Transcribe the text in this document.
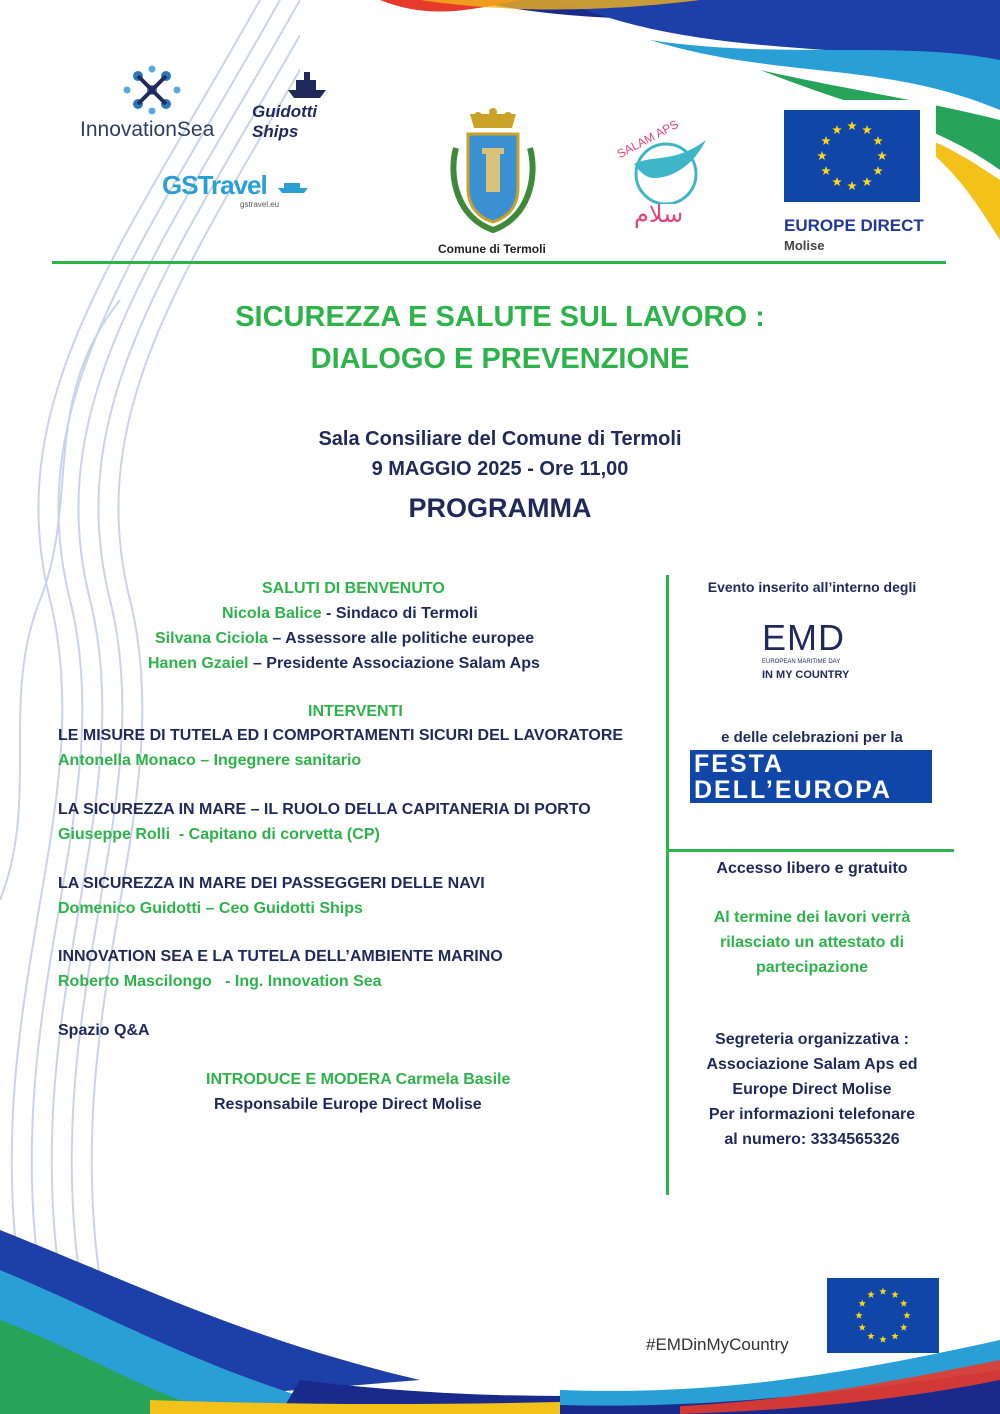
InnovationSea
Guidotti Ships
GSTravel
gstravel.eu
Comune di Termoli
SALAM APS
سلام	EUROPE DIRECT
Molise
SICUREZZA E SALUTE SUL LAVORO :
DIALOGO E PREVENZIONE
Sala Consiliare del Comune di Termoli
9 MAGGIO 2025 - Ore 11,00
PROGRAMMA
SALUTI DI BENVENUTO
Nicola Balice - Sindaco di Termoli
Silvana Ciciola – Assessore alle politiche europee
Hanen Gzaiel – Presidente Associazione Salam Aps
INTERVENTI
LE MISURE DI TUTELA ED I COMPORTAMENTI SICURI DEL LAVORATORE
Antonella Monaco – Ingegnere sanitario
LA SICUREZZA IN MARE – IL RUOLO DELLA CAPITANERIA DI PORTO
Giuseppe Rolli  - Capitano di corvetta (CP)
LA SICUREZZA IN MARE DEI PASSEGGERI DELLE NAVI
Domenico Guidotti – Ceo Guidotti Ships
INNOVATION SEA E LA TUTELA DELL’AMBIENTE MARINO
Roberto Mascilongo   - Ing. Innovation Sea
Spazio Q&A
INTRODUCE E MODERA Carmela Basile
Responsabile Europe Direct Molise
Evento inserito all’interno degli
EMD
EUROPEAN MARITIME DAY
IN MY COUNTRY
e delle celebrazioni per la
FESTA
DELL’EUROPA
Accesso libero e gratuito
Al termine dei lavori verrà
rilasciato un attestato di
partecipazione
Segreteria organizzativa :
Associazione Salam Aps ed
Europe Direct Molise
Per informazioni telefonare
al numero: 3334565326
#EMDinMyCountry
